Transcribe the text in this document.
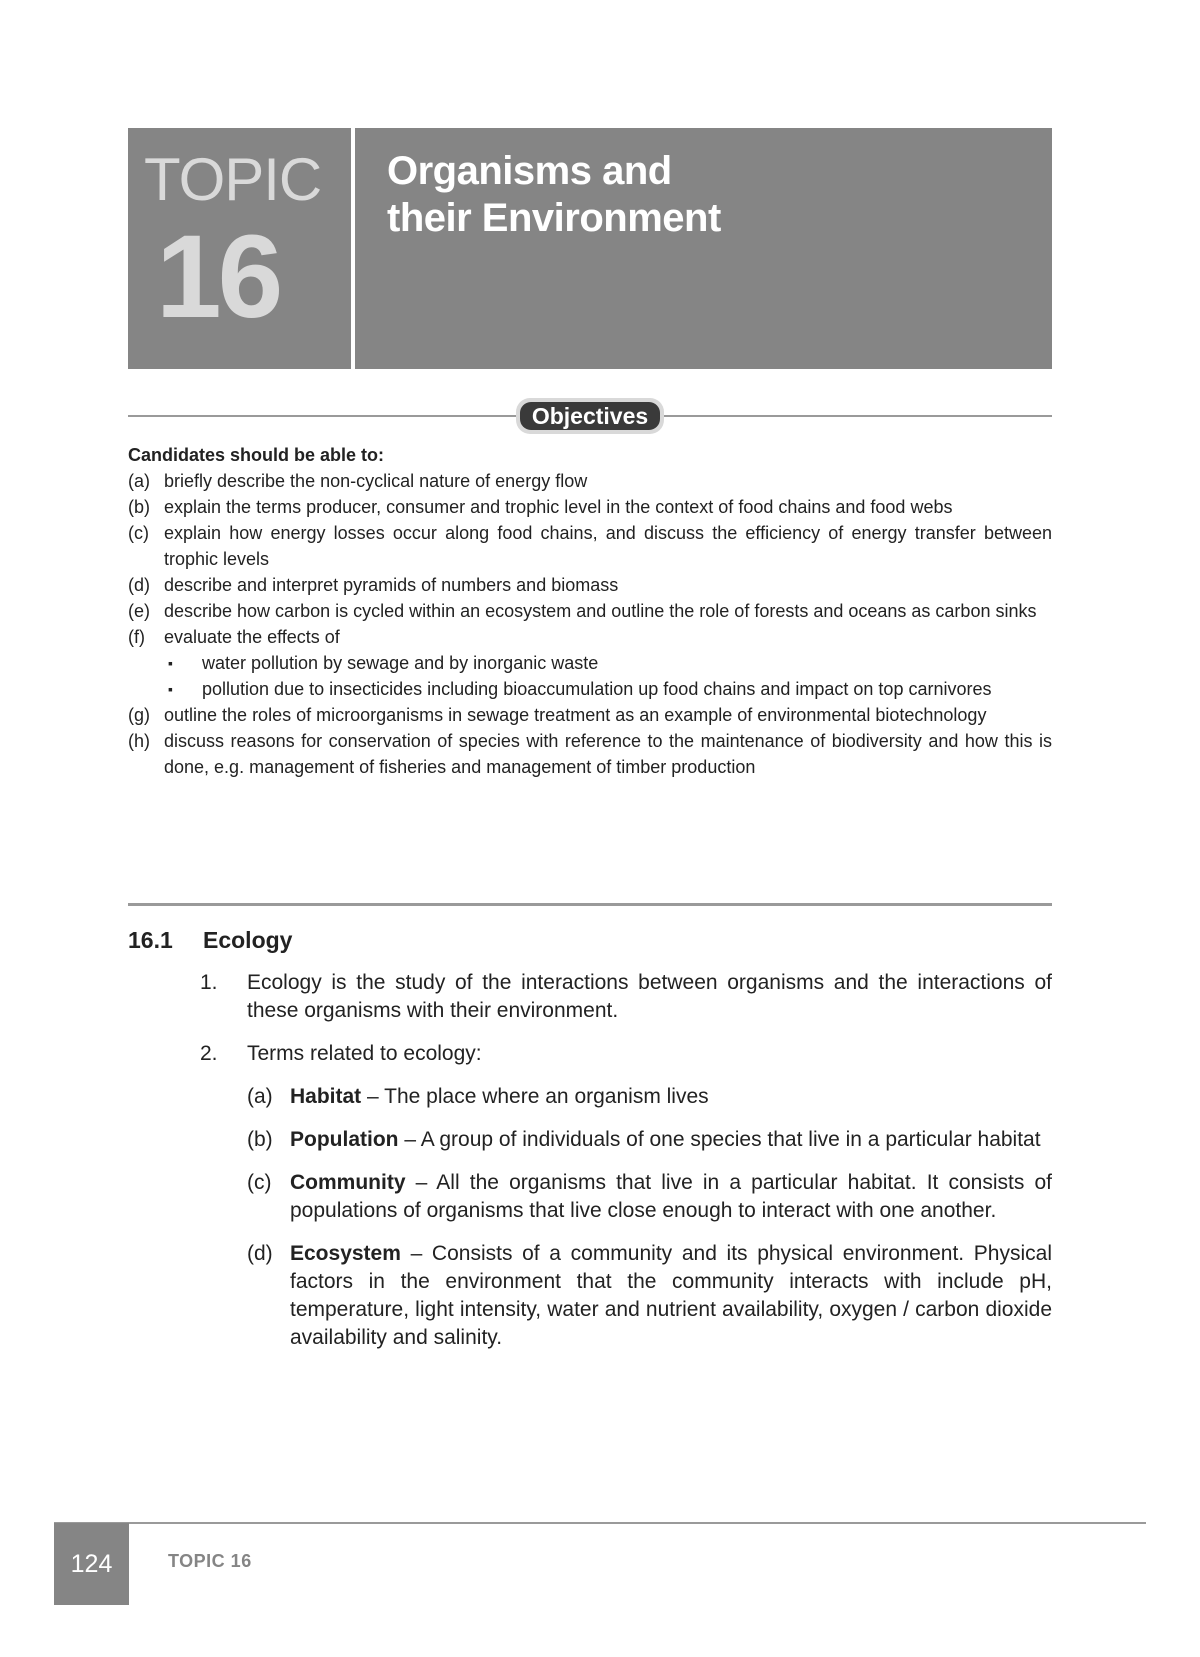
TOPIC
16
Organisms and
their Environment
Objectives
Candidates should be able to:
(a) briefly describe the non-cyclical nature of energy flow
(b) explain the terms producer, consumer and trophic level in the context of food chains and food webs
(c) explain how energy losses occur along food chains, and discuss the efficiency of energy transfer between trophic levels
(d) describe and interpret pyramids of numbers and biomass
(e) describe how carbon is cycled within an ecosystem and outline the role of forests and oceans as carbon sinks
(f)	evaluate the effects of
▪	water pollution by sewage and by inorganic waste
▪	pollution due to insecticides including bioaccumulation up food chains and impact on top carnivores
(g) outline the roles of microorganisms in sewage treatment as an example of environmental biotechnology
(h) discuss reasons for conservation of species with reference to the maintenance of biodiversity and how this is done, e.g. management of fisheries and management of timber production
16.1 Ecology
1.	Ecology is the study of the interactions between organisms and the interactions of these organisms with their environment.
2.	Terms related to ecology:
(a) Habitat – The place where an organism lives
(b) Population – A group of individuals of one species that live in a particular habitat
(c) Community – All the organisms that live in a particular habitat. It consists of populations of organisms that live close enough to interact with one another.
(d) Ecosystem – Consists of a community and its physical environment. Physical factors in the environment that the community interacts with include pH, temperature, light intensity, water and nutrient availability, oxygen / carbon dioxide availability and salinity.
124	TOPIC 16
